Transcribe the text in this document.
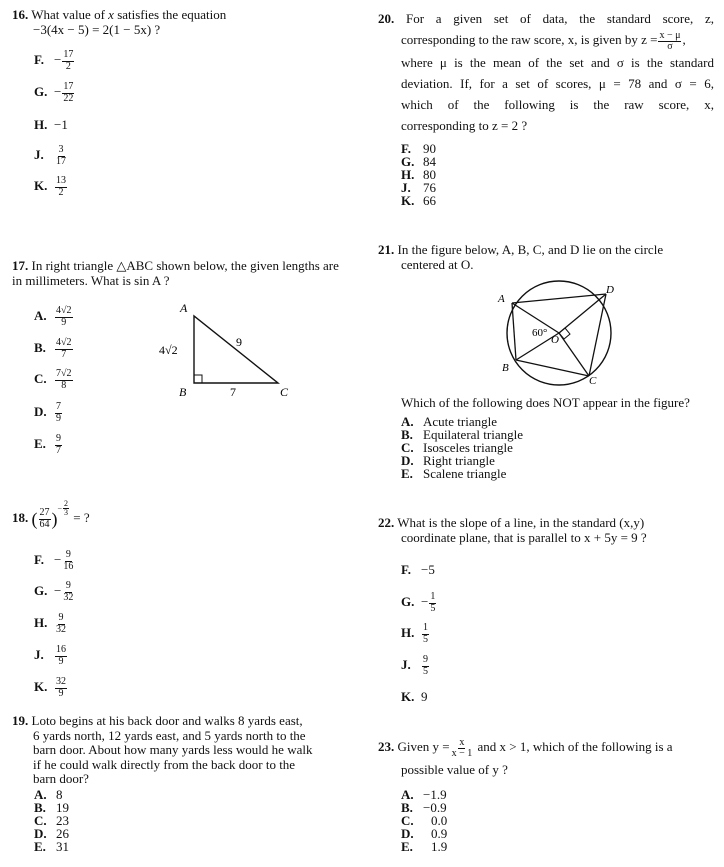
16. What value of x satisfies the equation
−3(4x − 5) = 2(1 − 5x) ?
F. − $\frac{17}{2}$
G. − $\frac{17}{22}$
H. −1
J. $\frac{3}{17}$
K. $\frac{13}{2}$
17. In right triangle △ABC shown below, the given lengths are in millimeters. What is sin A ?
A. $\frac{4√2}{9}$
B. $\frac{4√2}{7}$
C. $\frac{7√2}{8}$
D. $\frac{7}{9}$
E. $\frac{9}{7}$
A
B	C
4√2
9
7
18. ( $\frac{27}{64} )^{- \frac{2}{3}}$ = ?
F. − $\frac{9}{16}$
G. − $\frac{9}{32}$
H. $\frac{9}{32}$
J. $\frac{16}{9}$
K. $\frac{32}{9}$
19. Loto begins at his back door and walks 8 yards east,
6 yards north, 12 yards east, and 5 yards north to the
barn door. About how many yards less would he walk
if he could walk directly from the back door to the
barn door?
A. 8
B. 19
C. 23
D. 26
E. 31
20. For a given set of data, the standard score, z,
corresponding to the raw score, x, is given by $z = \frac{x - \mu}{\sigma}$ ,
where μ is the mean of the set and σ is the standard
deviation. If, for a set of scores, μ = 78 and σ = 6,
which of the following is the raw score, x,
corresponding to z = 2 ?
F. 90
G. 84
H. 80
J. 76
K. 66
21. In the figure below, A, B, C, and D lie on the circle
centered at O.
A
B
C
D
O
60°
Which of the following does NOT appear in the figure?
A. Acute triangle
B. Equilateral triangle
C. Isosceles triangle
D. Right triangle
E. Scalene triangle
22. What is the slope of a line, in the standard (x,y)
coordinate plane, that is parallel to x + 5y = 9 ?
F. −5
G. − $\frac{1}{5}$
H. $\frac{1}{5}$
J. $\frac{9}{5}$
K. 9
23. Given $y = \frac{x}{x - 1}$ and x > 1, which of the following is a
possible value of y ?
A. −1.9
B. −0.9
C. 0.0
D. 0.9
E. 1.9
